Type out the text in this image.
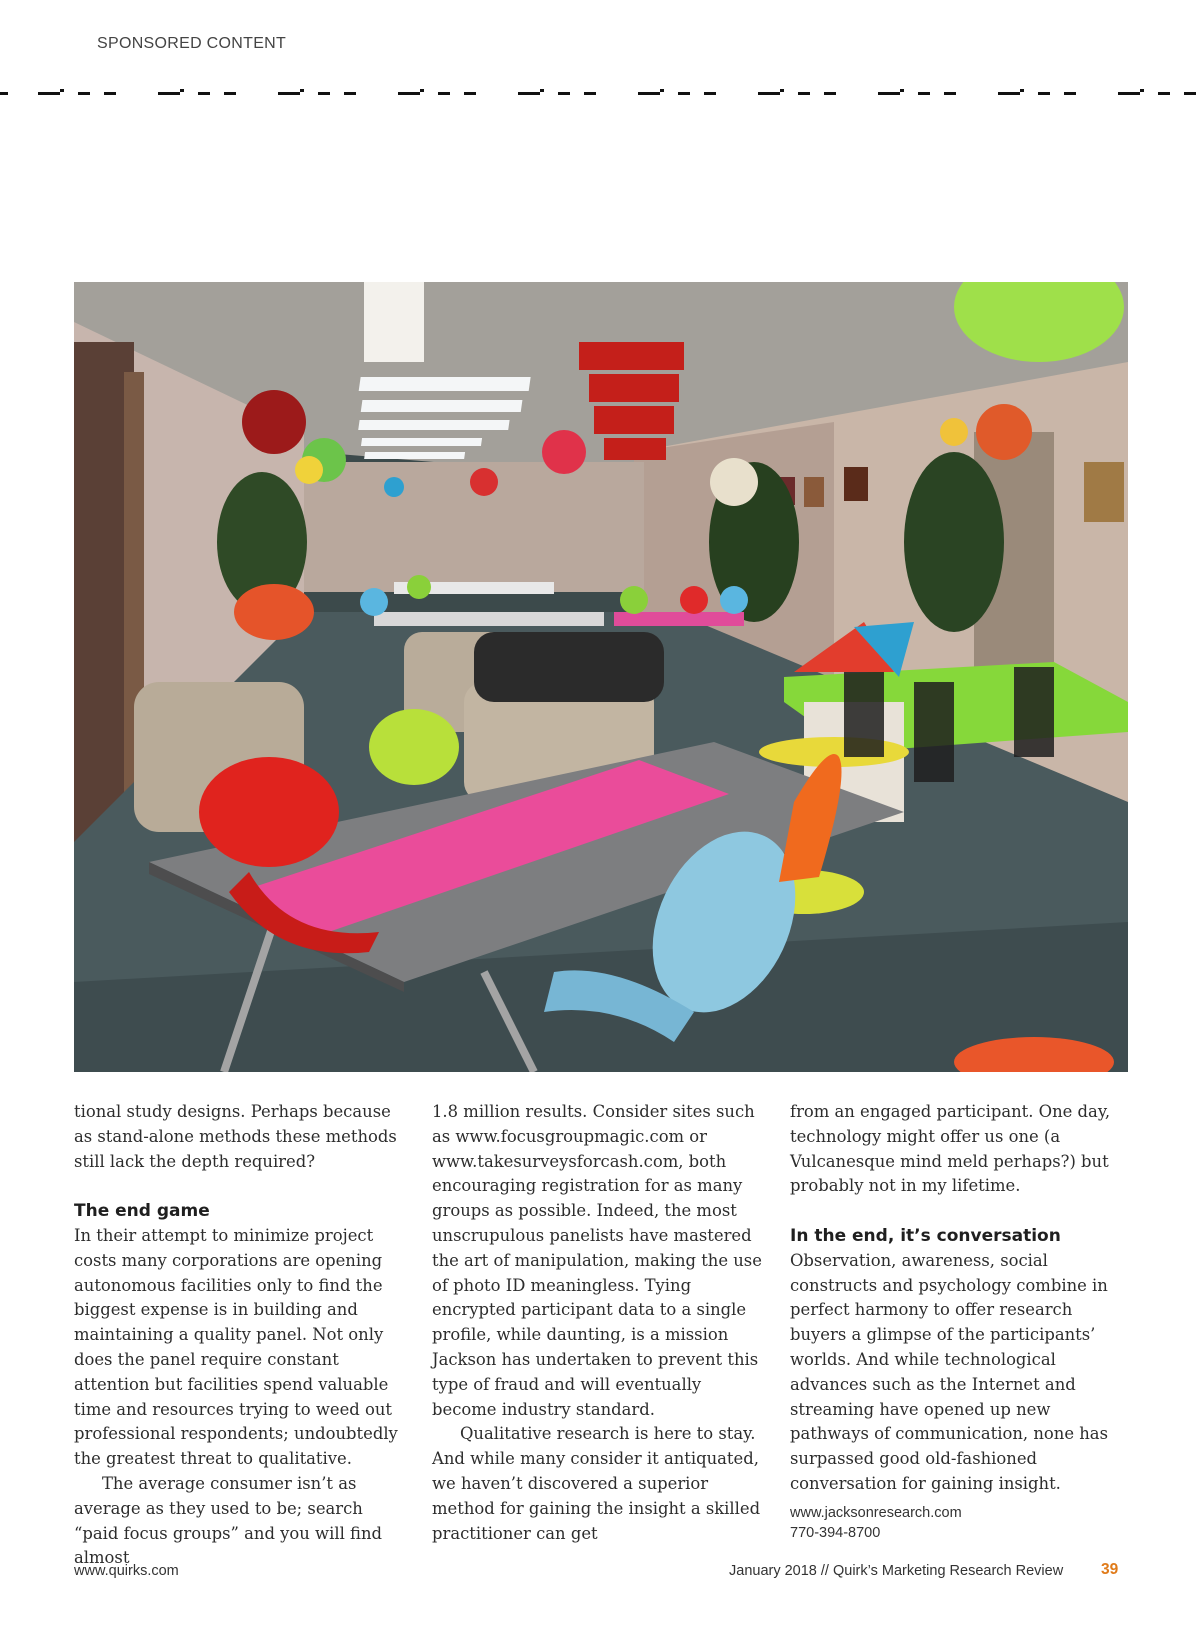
SPONSORED CONTENT

tional study designs. Perhaps because as stand-alone methods these methods still lack the depth required?

The end game

In their attempt to minimize project costs many corporations are opening autonomous facilities only to find the biggest expense is in building and maintaining a quality panel. Not only does the panel require constant attention but facilities spend valuable time and resources trying to weed out professional respondents; undoubtedly the greatest threat to qualitative.

The average consumer isn’t as average as they used to be; search “paid focus groups” and you will find almost

1.8 million results. Consider sites such as www.focusgroupmagic.com or www.takesurveysforcash.com, both encouraging registration for as many groups as possible. Indeed, the most unscrupulous panelists have mastered the art of manipulation, making the use of photo ID meaningless. Tying encrypted participant data to a single profile, while daunting, is a mission Jackson has undertaken to prevent this type of fraud and will eventually become industry standard.

Qualitative research is here to stay. And while many consider it antiquated, we haven’t discovered a superior method for gaining the insight a skilled practitioner can get

from an engaged participant. One day, technology might offer us one (a Vulcanesque mind meld perhaps?) but probably not in my lifetime.

In the end, it’s conversation

Observation, awareness, social constructs and psychology combine in perfect harmony to offer research buyers a glimpse of the participants’ worlds. And while technological advances such as the Internet and streaming have opened up new pathways of communication, none has surpassed good old-fashioned conversation for gaining insight.

www.jacksonresearch.com
770-394-8700
www.quirks.com	January 2018 // Quirk’s Marketing Research Review 39
